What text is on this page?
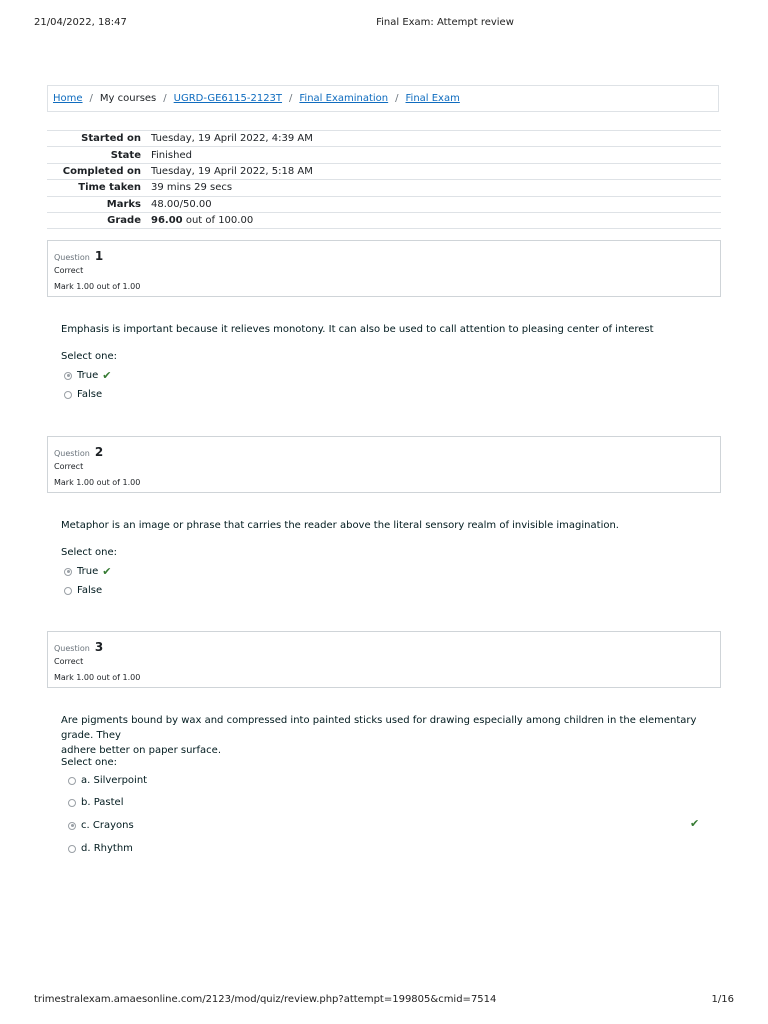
21/04/2022, 18:47	Final Exam: Attempt review
Home / My courses / UGRD-GE6115-2123T / Final Examination / Final Exam
Started on	Tuesday, 19 April 2022, 4:39 AM
State	Finished
Completed on	Tuesday, 19 April 2022, 5:18 AM
Time taken	39 mins 29 secs
Marks	48.00/50.00
Grade	96.00 out of 100.00
Question 1
Correct
Mark 1.00 out of 1.00
Emphasis is important because it relieves monotony. It can also be used to call attention to pleasing center of interest
Select one:
True ✔
False
Question 2
Correct
Mark 1.00 out of 1.00
Metaphor is an image or phrase that carries the reader above the literal sensory realm of invisible imagination.
Select one:
True ✔
False
Question 3
Correct
Mark 1.00 out of 1.00
Are pigments bound by wax and compressed into painted sticks used for drawing especially among children in the elementary grade. They
adhere better on paper surface.
Select one:
a. Silverpoint
b. Pastel
c. Crayons	✔
d. Rhythm
trimestralexam.amaesonline.com/2123/mod/quiz/review.php?attempt=199805&cmid=7514	1/16
